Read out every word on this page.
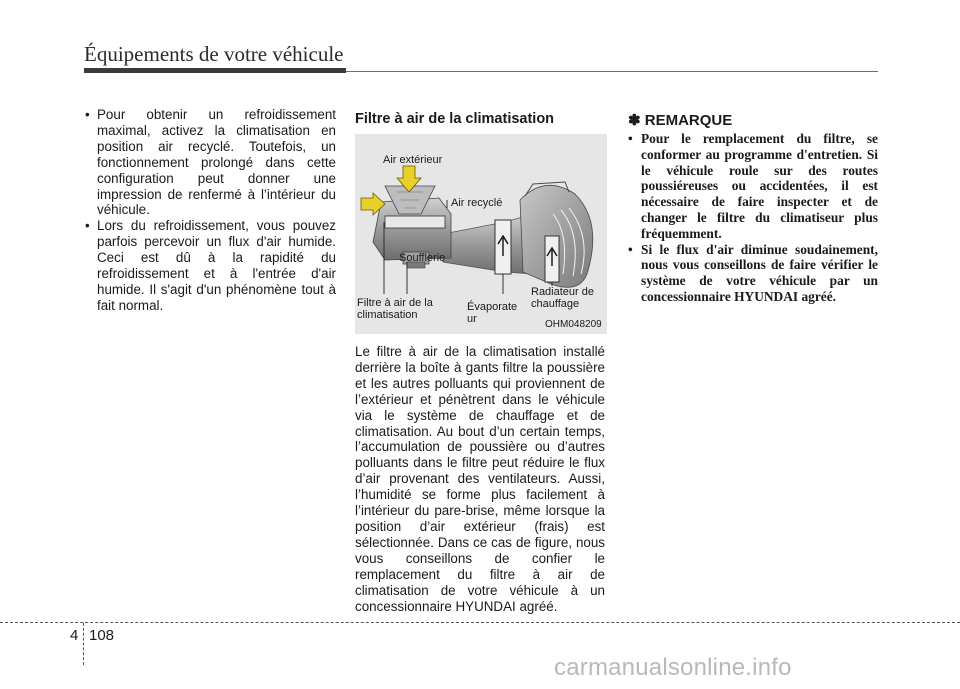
Équipements de votre véhicule
• Pour obtenir un refroidissement maximal, activez la climatisation en position air recyclé. Toutefois, un fonctionnement prolongé dans cette configuration peut donner une impression de renfermé à l’intérieur du véhicule.
• Lors du refroidissement, vous pouvez parfois percevoir un flux d'air humide. Ceci est dû à la rapidité du refroidissement et à l'entrée d'air humide. Il s'agit d'un phénomène tout à fait normal.
Filtre à air de la climatisation
Air extérieur
Air recyclé
Soufflerie
Filtre à air de la
climatisation
Évaporate
ur
Radiateur de
chauffage
OHM048209

Le filtre à air de la climatisation installé derrière la boîte à gants filtre la poussière et les autres polluants qui proviennent de l’extérieur et pénètrent dans le véhicule via le système de chauffage et de climatisation. Au bout d’un certain temps, l’accumulation de poussière ou d’autres polluants dans le filtre peut réduire le flux d’air provenant des ventilateurs. Aussi, l’humidité se forme plus facilement à l’intérieur du pare-brise, même lorsque la position d’air extérieur (frais) est sélectionnée. Dans ce cas de figure, nous vous conseillons de confier le remplacement du filtre à air de climatisation de votre véhicule à un concessionnaire HYUNDAI agréé.

✽ REMARQUE
• Pour le remplacement du filtre, se conformer au programme d'entretien. Si le véhicule roule sur des routes poussiéreuses ou accidentées, il est nécessaire de faire inspecter et de changer le filtre du climatiseur plus fréquemment.
• Si le flux d'air diminue soudainement, nous vous conseillons de faire vérifier le système de votre véhicule par un concessionnaire HYUNDAI agréé.
4 108
carmanualsonline.info
